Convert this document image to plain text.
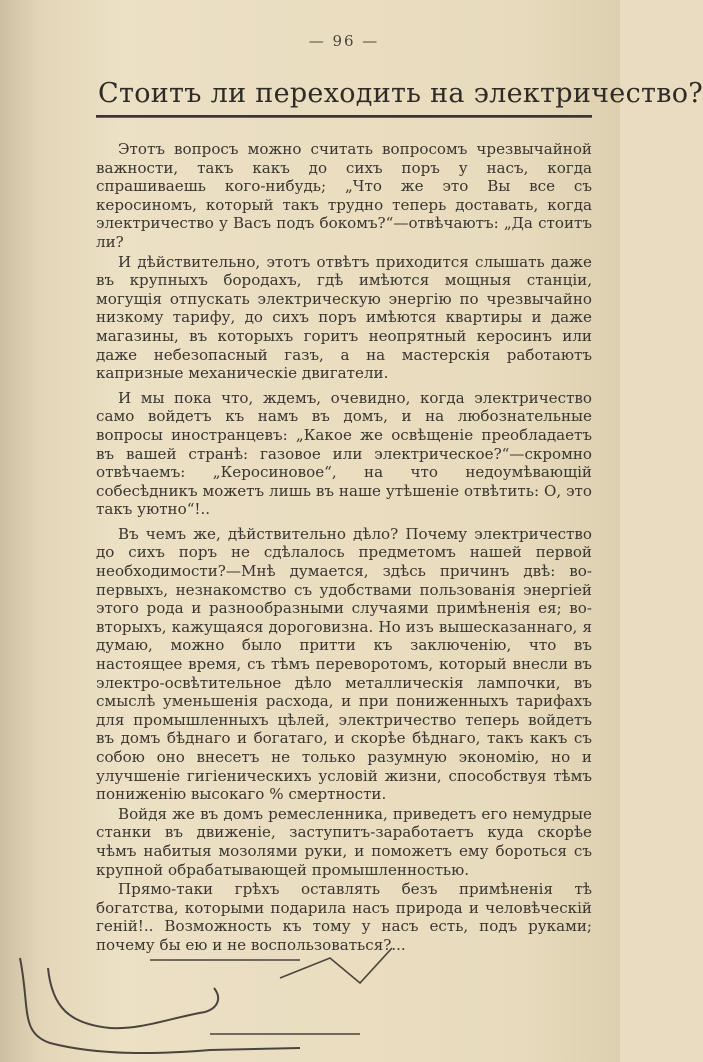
— 96 —
Стоитъ ли переходить на электричество?

Этотъ вопросъ можно считать вопросомъ чрезвычайной важности, такъ какъ до сихъ поръ у насъ, когда спрашиваешь кого-нибудь; „Что же это Вы все съ керосиномъ, который такъ трудно теперь доставать, когда электричество у Васъ подъ бокомъ?“—отвѣчаютъ: „Да стоитъ ли?

И дѣйствительно, этотъ отвѣтъ приходится слышать даже въ крупныхъ бородахъ, гдѣ имѣются мощныя станціи, могущія отпускать электрическую энергію по чрезвычайно низкому тарифу, до сихъ поръ имѣются квартиры и даже магазины, въ которыхъ горитъ неопрятный керосинъ или даже небезопасный газъ, а на мастерскія работаютъ капризные механическіе двигатели.

И мы пока что, ждемъ, очевидно, когда электричество само войдетъ къ намъ въ домъ, и на любознательные вопросы иностранцевъ: „Какое же освѣщеніе преобладаетъ въ вашей странѣ: газовое или электрическое?“—скромно отвѣчаемъ: „Керосиновое“, на что недоумѣвающій собесѣдникъ можетъ лишь въ наше утѣшеніе отвѣтить: О, это такъ уютно“!..

Въ чемъ же, дѣйствительно дѣло? Почему электричество до сихъ поръ не сдѣлалось предметомъ нашей первой необходимости?—Мнѣ думается, здѣсь причинъ двѣ: во-первыхъ, незнакомство съ удобствами пользованія энергіей этого рода и разнообразными случаями примѣненія ея; во-вторыхъ, кажущаяся дороговизна. Но изъ вышесказаннаго, я думаю, можно было притти къ заключенію, что въ настоящее время, съ тѣмъ переворотомъ, который внесли въ электро-освѣтительное дѣло металлическія лампочки, въ смыслѣ уменьшенія расхода, и при пониженныхъ тарифахъ для промышленныхъ цѣлей, электричество теперь войдетъ въ домъ бѣднаго и богатаго, и скорѣе бѣднаго, такъ какъ съ собою оно внесетъ не только разумную экономію, но и улучшеніе гигіеническихъ условій жизни, способствуя тѣмъ пониженію высокаго % смертности.

Войдя же въ домъ ремесленника, приведетъ его немудрые станки въ движеніе, заступитъ-заработаетъ куда скорѣе чѣмъ набитыя мозолями руки, и поможетъ ему бороться съ крупной обрабатывающей промышленностью.

Прямо-таки грѣхъ оставлять безъ примѣненія тѣ богатства, которыми подарила насъ природа и человѣческій геній!.. Возможность къ тому у насъ есть, подъ руками; почему бы ею и не воспользоваться?...
